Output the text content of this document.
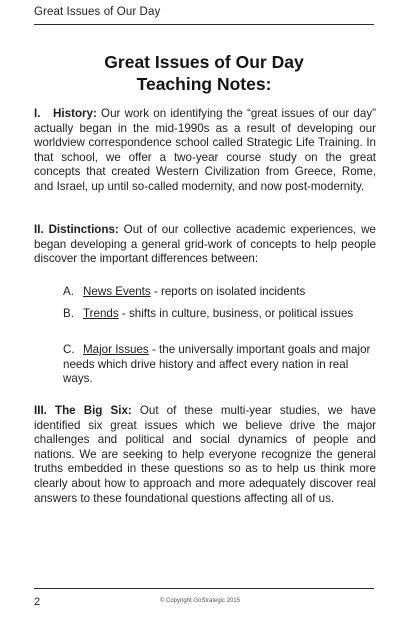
Great Issues of Our Day
Great Issues of Our Day
Teaching Notes:
I. History: Our work on identifying the “great issues of our day” actually began in the mid-1990s as a result of developing our worldview correspondence school called Strategic Life Training. In that school, we offer a two-year course study on the great concepts that created Western Civilization from Greece, Rome, and Israel, up until so-called modernity, and now post-modernity.
II. Distinctions: Out of our collective academic experiences, we began developing a general grid-work of concepts to help people discover the important differences between:
A. News Events - reports on isolated incidents
B. Trends - shifts in culture, business, or political issues
C. Major Issues - the universally important goals and major needs which drive history and affect every nation in real ways.
III. The Big Six: Out of these multi-year studies, we have identified six great issues which we believe drive the major challenges and political and social dynamics of people and nations. We are seeking to help everyone recognize the general truths embedded in these questions so as to help us think more clearly about how to approach and more adequately discover real answers to these foundational questions affecting all of us.
2	© Copyright GoStrategic 2015
